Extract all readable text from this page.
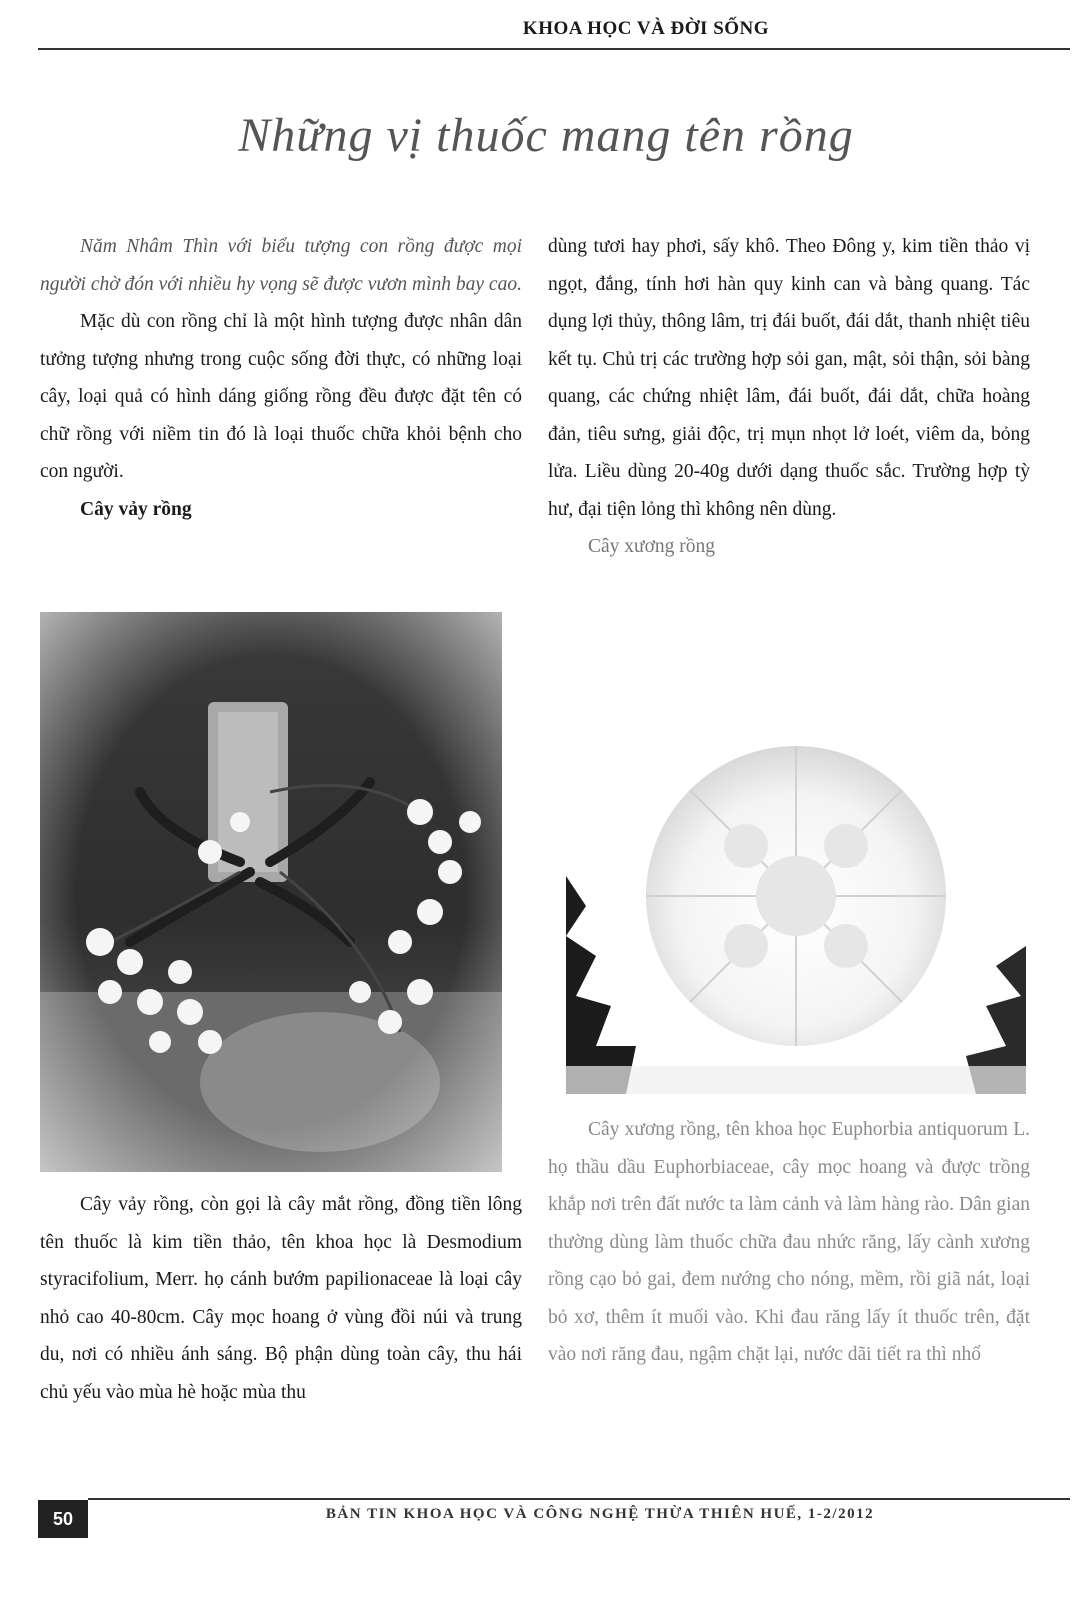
KHOA HỌC VÀ ĐỜI SỐNG
Những vị thuốc mang tên rồng

Năm Nhâm Thìn với biểu tượng con rồng được mọi người chờ đón với nhiều hy vọng sẽ được vươn mình bay cao.

Mặc dù con rồng chỉ là một hình tượng được nhân dân tưởng tượng nhưng trong cuộc sống đời thực, có những loại cây, loại quả có hình dáng giống rồng đều được đặt tên có chữ rồng với niềm tin đó là loại thuốc chữa khỏi bệnh cho con người.

Cây vảy rồng

Cây vảy rồng, còn gọi là cây mắt rồng, đồng tiền lông tên thuốc là kim tiền thảo, tên khoa học là Desmodium styracifolium, Merr. họ cánh bướm papilionaceae là loại cây nhỏ cao 40-80cm. Cây mọc hoang ở vùng đồi núi và trung du, nơi có nhiều ánh sáng. Bộ phận dùng toàn cây, thu hái chủ yếu vào mùa hè hoặc mùa thu

dùng tươi hay phơi, sấy khô. Theo Đông y, kim tiền thảo vị ngọt, đắng, tính hơi hàn quy kinh can và bàng quang. Tác dụng lợi thủy, thông lâm, trị đái buốt, đái dắt, thanh nhiệt tiêu kết tụ. Chủ trị các trường hợp sỏi gan, mật, sỏi thận, sỏi bàng quang, các chứng nhiệt lâm, đái buốt, đái dắt, chữa hoàng đản, tiêu sưng, giải độc, trị mụn nhọt lở loét, viêm da, bỏng lửa. Liều dùng 20-40g dưới dạng thuốc sắc. Trường hợp tỳ hư, đại tiện lỏng thì không nên dùng.

Cây xương rồng

Cây xương rồng, tên khoa học Euphorbia antiquorum L. họ thầu dầu Euphorbiaceae, cây mọc hoang và được trồng khắp nơi trên đất nước ta làm cảnh và làm hàng rào. Dân gian thường dùng làm thuốc chữa đau nhức răng, lấy cành xương rồng cạo bỏ gai, đem nướng cho nóng, mềm, rồi giã nát, loại bỏ xơ, thêm ít muối vào. Khi đau răng lấy ít thuốc trên, đặt vào nơi răng đau, ngậm chặt lại, nước dãi tiết ra thì nhổ

50	BẢN TIN KHOA HỌC VÀ CÔNG NGHỆ THỪA THIÊN HUẾ, 1-2/2012
